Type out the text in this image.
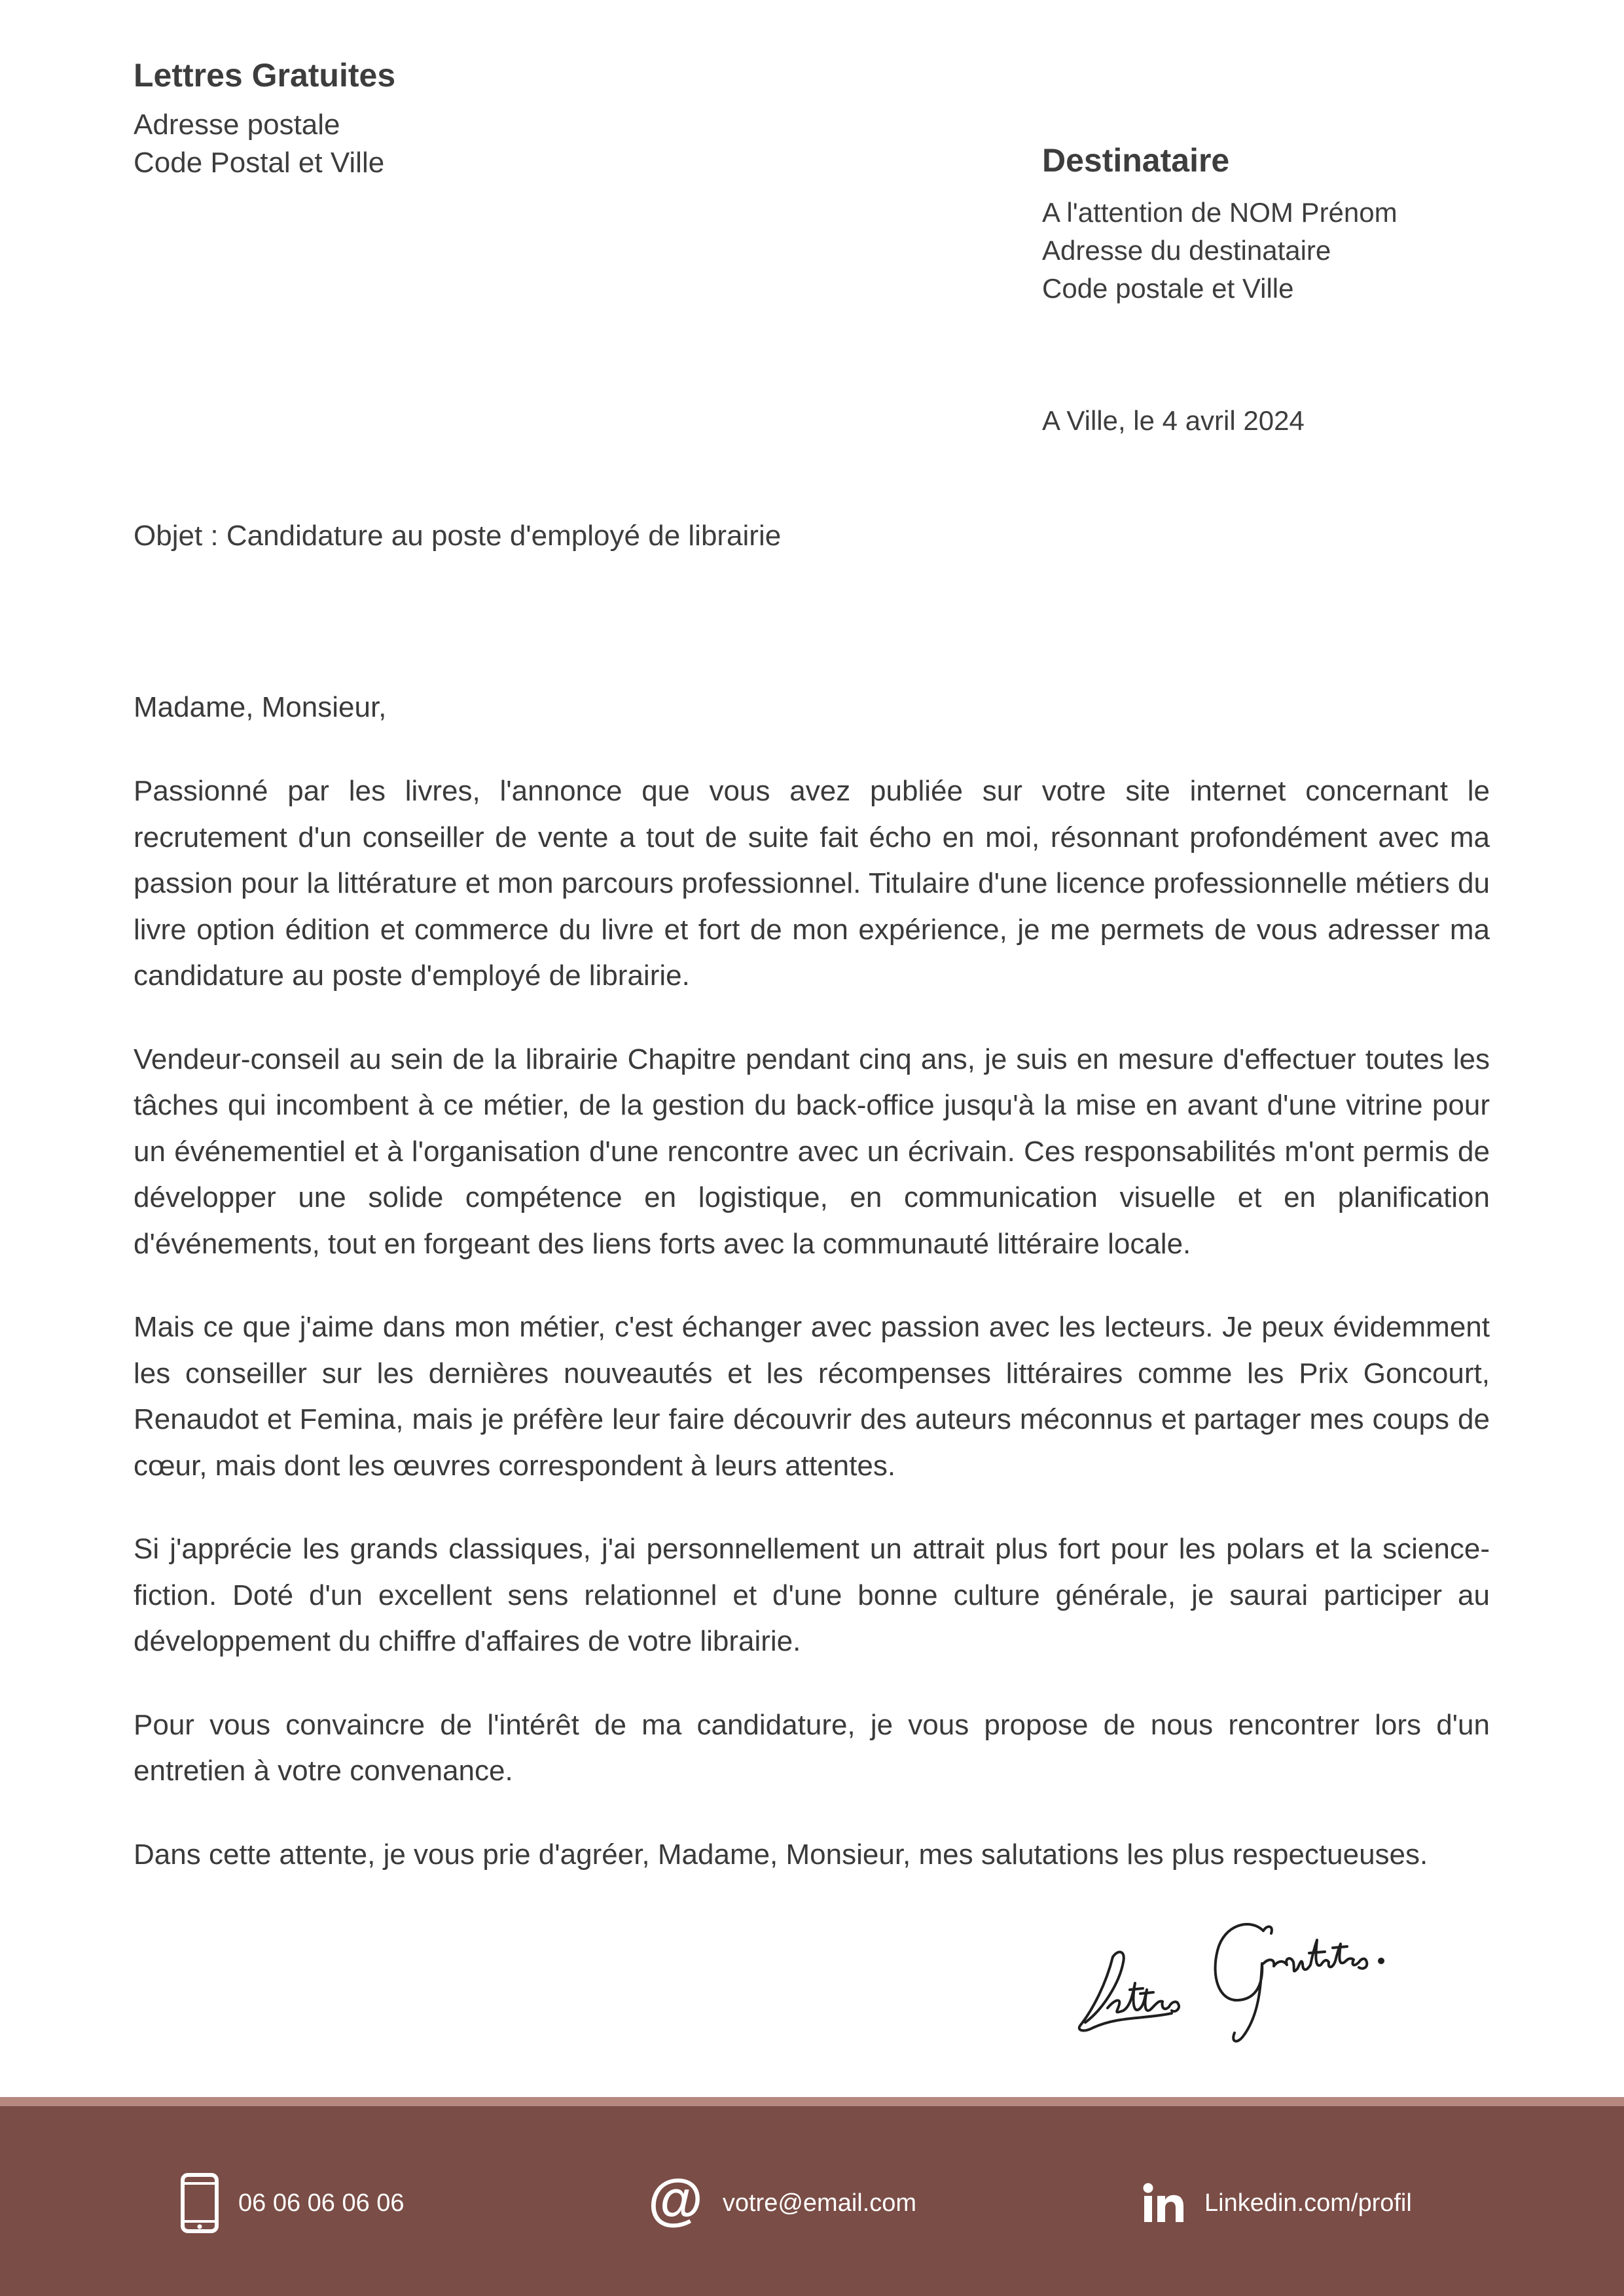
Lettres Gratuites
Adresse postale
Code Postal et Ville	Destinataire
A l'attention de NOM Prénom
Adresse du destinataire
Code postale et Ville
A Ville, le 4 avril 2024
Objet : Candidature au poste d'employé de librairie

Madame, Monsieur,

Passionné par les livres, l'annonce que vous avez publiée sur votre site internet concernant le recrutement d'un conseiller de vente a tout de suite fait écho en moi, résonnant profondément avec ma passion pour la littérature et mon parcours professionnel. Titulaire d'une licence professionnelle métiers du livre option édition et commerce du livre et fort de mon expérience, je me permets de vous adresser ma candidature au poste d'employé de librairie.

Vendeur-conseil au sein de la librairie Chapitre pendant cinq ans, je suis en mesure d'effectuer toutes les tâches qui incombent à ce métier, de la gestion du back-office jusqu'à la mise en avant d'une vitrine pour un événementiel et à l'organisation d'une rencontre avec un écrivain. Ces responsabilités m'ont permis de développer une solide compétence en logistique, en communication visuelle et en planification d'événements, tout en forgeant des liens forts avec la communauté littéraire locale.

Mais ce que j'aime dans mon métier, c'est échanger avec passion avec les lecteurs. Je peux évidemment les conseiller sur les dernières nouveautés et les récompenses littéraires comme les Prix Goncourt, Renaudot et Femina, mais je préfère leur faire découvrir des auteurs méconnus et partager mes coups de cœur, mais dont les œuvres correspondent à leurs attentes.

Si j'apprécie les grands classiques, j'ai personnellement un attrait plus fort pour les polars et la science-fiction. Doté d'un excellent sens relationnel et d'une bonne culture générale, je saurai participer au développement du chiffre d'affaires de votre librairie.

Pour vous convaincre de l'intérêt de ma candidature, je vous propose de nous rencontrer lors d'un entretien à votre convenance.

Dans cette attente, je vous prie d'agréer, Madame, Monsieur, mes salutations les plus respectueuses.

06 06 06 06 06	@ votre@email.com	Linkedin.com/profil
